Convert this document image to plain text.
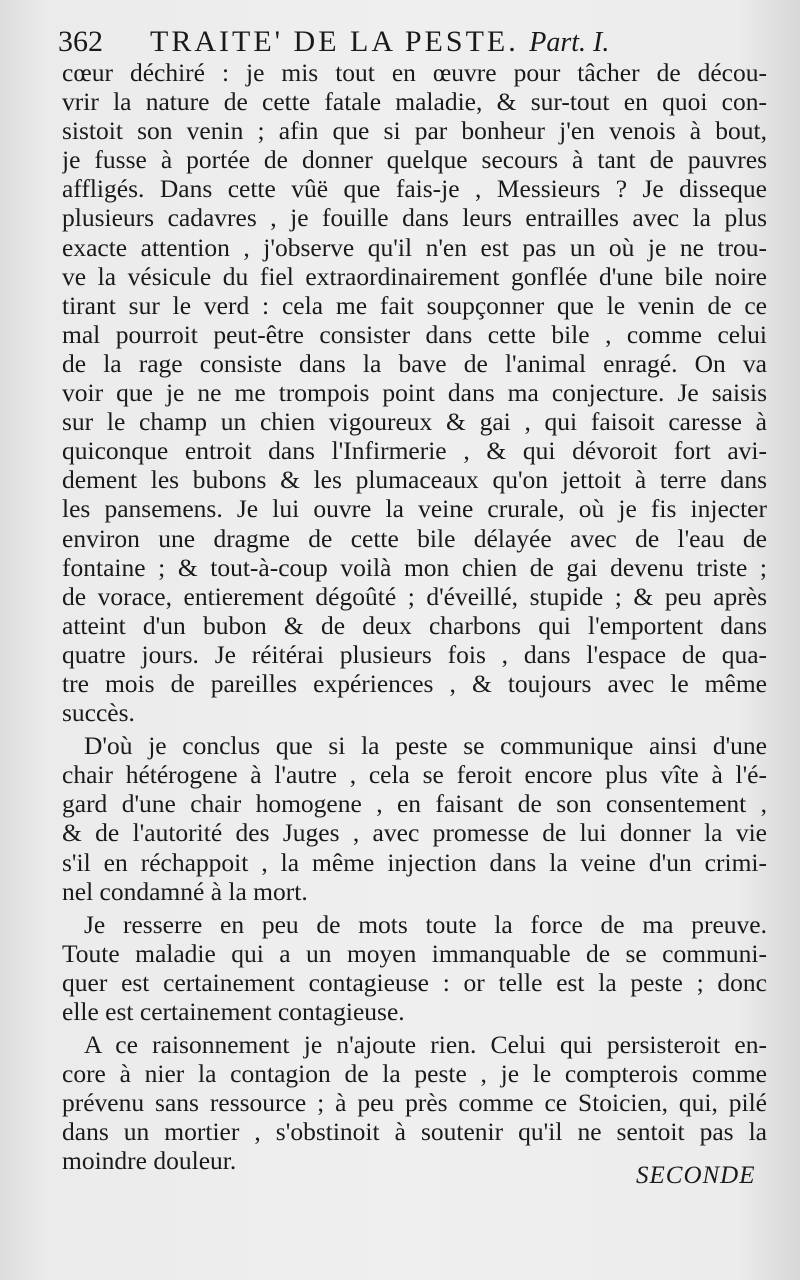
362 TRAITE' DE LA PESTE. Part. I.
cœur déchiré : je mis tout en œuvre pour tâcher de décou-
vrir la nature de cette fatale maladie, & sur-tout en quoi con-
sistoit son venin ; afin que si par bonheur j'en venois à bout,
je fusse à portée de donner quelque secours à tant de pauvres
affligés. Dans cette vûë que fais-je , Messieurs ? Je disseque
plusieurs cadavres , je fouille dans leurs entrailles avec la plus
exacte attention , j'observe qu'il n'en est pas un où je ne trou-
ve la vésicule du fiel extraordinairement gonflée d'une bile noire
tirant sur le verd : cela me fait soupçonner que le venin de ce
mal pourroit peut-être consister dans cette bile , comme celui
de la rage consiste dans la bave de l'animal enragé. On va
voir que je ne me trompois point dans ma conjecture. Je saisis
sur le champ un chien vigoureux & gai , qui faisoit caresse à
quiconque entroit dans l'Infirmerie , & qui dévoroit fort avi-
dement les bubons & les plumaceaux qu'on jettoit à terre dans
les pansemens. Je lui ouvre la veine crurale, où je fis injecter
environ une dragme de cette bile délayée avec de l'eau de
fontaine ; & tout-à-coup voilà mon chien de gai devenu triste ;
de vorace, entierement dégoûté ; d'éveillé, stupide ; & peu après
atteint d'un bubon & de deux charbons qui l'emportent dans
quatre jours. Je réitérai plusieurs fois , dans l'espace de qua-
tre mois de pareilles expériences , & toujours avec le même
succès.
D'où je conclus que si la peste se communique ainsi d'une
chair hétérogene à l'autre , cela se feroit encore plus vîte à l'é-
gard d'une chair homogene , en faisant de son consentement ,
& de l'autorité des Juges , avec promesse de lui donner la vie
s'il en réchappoit , la même injection dans la veine d'un crimi-
nel condamné à la mort.
Je resserre en peu de mots toute la force de ma preuve.
Toute maladie qui a un moyen immanquable de se communi-
quer est certainement contagieuse : or telle est la peste ; donc
elle est certainement contagieuse.
A ce raisonnement je n'ajoute rien. Celui qui persisteroit en-
core à nier la contagion de la peste , je le compterois comme
prévenu sans ressource ; à peu près comme ce Stoicien, qui, pilé
dans un mortier , s'obstinoit à soutenir qu'il ne sentoit pas la
moindre douleur.
SECONDE
